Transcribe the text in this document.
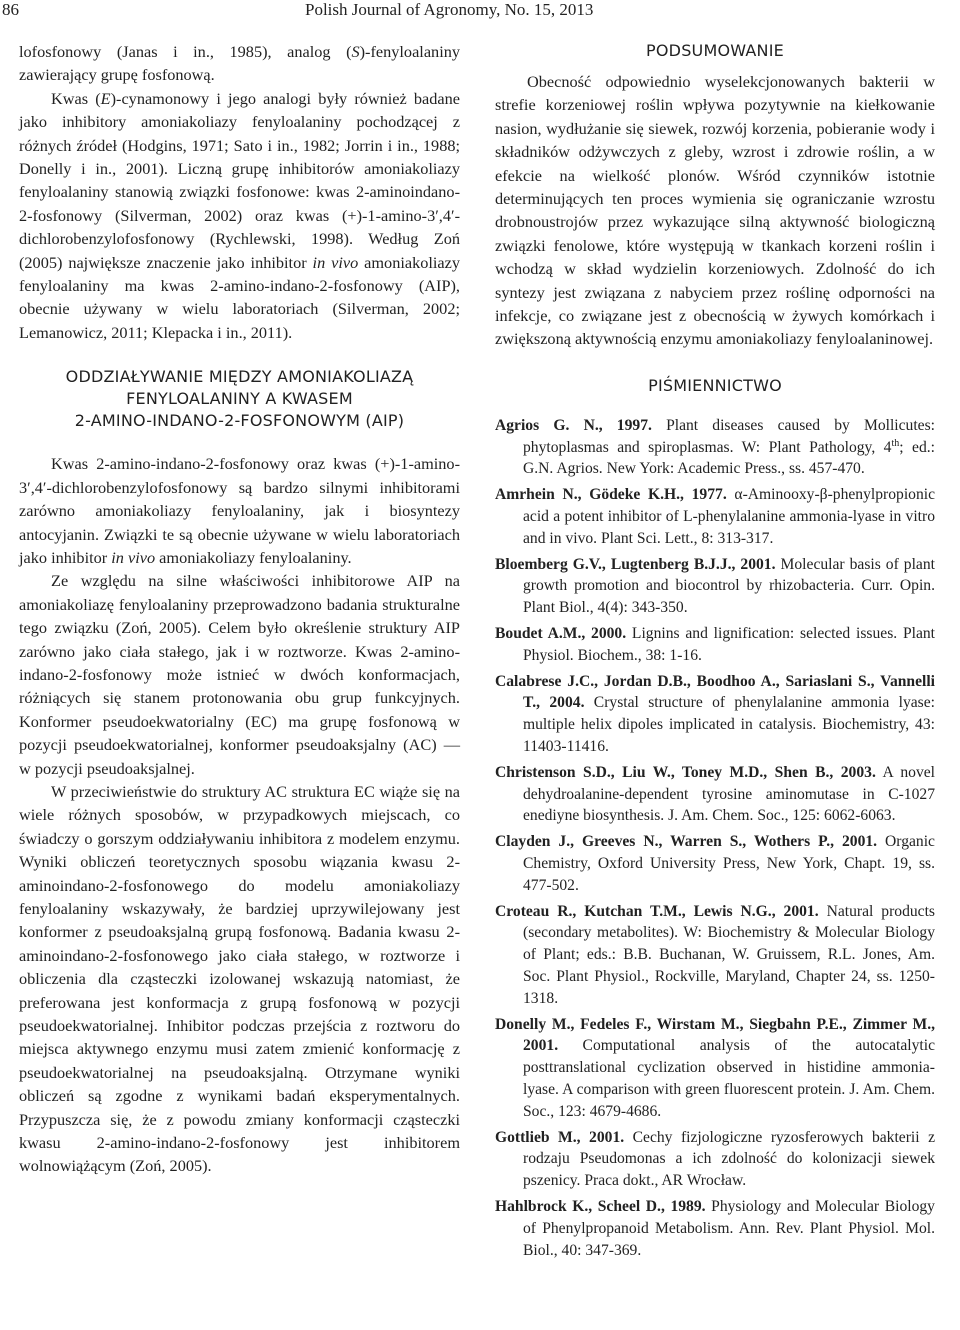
86	Polish Journal of Agronomy, No. 15, 2013

lofosfonowy (Janas i in., 1985), analog (S)-fenyloalaniny zawierający grupę fosfonową.

Kwas (E)-cynamonowy i jego analogi były również badane jako inhibitory amoniakoliazy fenyloalaniny pochodzącej z różnych źródeł (Hodgins, 1971; Sato i in., 1982; Jorrin i in., 1988; Donelly i in., 2001). Liczną grupę inhibitorów amoniakoliazy fenyloalaniny stanowią związki fosfonowe: kwas 2-aminoindano-2-fosfonowy (Silverman, 2002) oraz kwas (+)-1-amino-3′,4′-dichlorobenzylofosfonowy (Rychlewski, 1998). Według Zoń (2005) największe znaczenie jako inhibitor in vivo amoniakoliazy fenyloalaniny ma kwas 2-amino-indano-2-fosfonowy (AIP), obecnie używany w wielu laboratoriach (Silverman, 2002; Lemanowicz, 2011; Klepacka i in., 2011).

ODDZIAŁYWANIE MIĘDZY AMONIAKOLIAZĄ
FENYLOALANINY A KWASEM
2-AMINO-INDANO-2-FOSFONOWYM (AIP)

Kwas 2-amino-indano-2-fosfonowy oraz kwas (+)-1-amino-3′,4′-dichlorobenzylofosfonowy są bardzo silnymi inhibitorami zarówno amoniakoliazy fenyloalaniny, jak i biosyntezy antocyjanin. Związki te są obecnie używane w wielu laboratoriach jako inhibitor in vivo amoniakoliazy fenyloalaniny.

Ze względu na silne właściwości inhibitorowe AIP na amoniakoliazę fenyloalaniny przeprowadzono badania strukturalne tego związku (Zoń, 2005). Celem było określenie struktury AIP zarówno jako ciała stałego, jak i w roztworze. Kwas 2-amino-indano-2-fosfonowy może istnieć w dwóch konformacjach, różniących się stanem protonowania obu grup funkcyjnych. Konformer pseudoekwatorialny (EC) ma grupę fosfonową w pozycji pseudoekwatorialnej, konformer pseudoaksjalny (AC) — w pozycji pseudoaksjalnej.

W przeciwieństwie do struktury AC struktura EC wiąże się na wiele różnych sposobów, w przypadkowych miejscach, co świadczy o gorszym oddziaływaniu inhibitora z modelem enzymu. Wyniki obliczeń teoretycznych sposobu wiązania kwasu 2-aminoindano-2-fosfonowego do modelu amoniakoliazy fenyloalaniny wskazywały, że bardziej uprzywilejowany jest konformer z pseudoaksjalną grupą fosfonową. Badania kwasu 2-aminoindano-2-fosfonowego jako ciała stałego, w roztworze i obliczenia dla cząsteczki izolowanej wskazują natomiast, że preferowana jest konformacja z grupą fosfonową w pozycji pseudoekwatorialnej. Inhibitor podczas przejścia z roztworu do miejsca aktywnego enzymu musi zatem zmienić konformację z pseudoekwatorialnej na pseudoaksjalną. Otrzymane wyniki obliczeń są zgodne z wynikami badań eksperymentalnych. Przypuszcza się, że z powodu zmiany konformacji cząsteczki kwasu 2-amino-indano-2-fosfonowy jest inhibitorem wolnowiążącym (Zoń, 2005).

PODSUMOWANIE

Obecność odpowiednio wyselekcjonowanych bakterii w strefie korzeniowej roślin wpływa pozytywnie na kiełkowanie nasion, wydłużanie się siewek, rozwój korzenia, pobieranie wody i składników odżywczych z gleby, wzrost i zdrowie roślin, a w efekcie na wielkość plonów. Wśród czynników istotnie determinujących ten proces wymienia się ograniczanie wzrostu drobnoustrojów przez wykazujące silną aktywność biologiczną związki fenolowe, które występują w tkankach korzeni roślin i wchodzą w skład wydzielin korzeniowych. Zdolność do ich syntezy jest związana z nabyciem przez roślinę odporności na infekcje, co związane jest z obecnością w żywych komórkach i zwiększoną aktywnością enzymu amoniakoliazy fenyloalaninowej.

PIŚMIENNICTWO
Agrios G. N., 1997. Plant diseases caused by Mollicutes: phytoplasmas and spiroplasmas. W: Plant Pathology, 4th; ed.: G.N. Agrios. New York: Academic Press., ss. 457-470.
Amrhein N., Gödeke K.H., 1977. α-Aminooxy-β-phenylpropionic acid a potent inhibitor of L-phenylalanine ammonia-lyase in vitro and in vivo. Plant Sci. Lett., 8: 313-317.
Bloemberg G.V., Lugtenberg B.J.J., 2001. Molecular basis of plant growth promotion and biocontrol by rhizobacteria. Curr. Opin. Plant Biol., 4(4): 343-350.
Boudet A.M., 2000. Lignins and lignification: selected issues. Plant Physiol. Biochem., 38: 1-16.
Calabrese J.C., Jordan D.B., Boodhoo A., Sariaslani S., Vannelli T., 2004. Crystal structure of phenylalanine ammonia lyase: multiple helix dipoles implicated in catalysis. Biochemistry, 43: 11403-11416.
Christenson S.D., Liu W., Toney M.D., Shen B., 2003. A novel dehydroalanine-dependent tyrosine aminomutase in C-1027 enediyne biosynthesis. J. Am. Chem. Soc., 125: 6062-6063.
Clayden J., Greeves N., Warren S., Wothers P., 2001. Organic Chemistry, Oxford University Press, New York, Chapt. 19, ss. 477-502.
Croteau R., Kutchan T.M., Lewis N.G., 2001. Natural products (secondary metabolites). W: Biochemistry & Molecular Biology of Plant; eds.: B.B. Buchanan, W. Gruissem, R.L. Jones, Am. Soc. Plant Physiol., Rockville, Maryland, Chapter 24, ss. 1250-1318.
Donelly M., Fedeles F., Wirstam M., Siegbahn P.E., Zimmer M., 2001. Computational analysis of the autocatalytic posttranslational cyclization observed in histidine ammonia-lyase. A comparison with green fluorescent protein. J. Am. Chem. Soc., 123: 4679-4686.
Gottlieb M., 2001. Cechy fizjologiczne ryzosferowych bakterii z rodzaju Pseudomonas a ich zdolność do kolonizacji siewek pszenicy. Praca dokt., AR Wrocław.
Hahlbrock K., Scheel D., 1989. Physiology and Molecular Biology of Phenylpropanoid Metabolism. Ann. Rev. Plant Physiol. Mol. Biol., 40: 347-369.
